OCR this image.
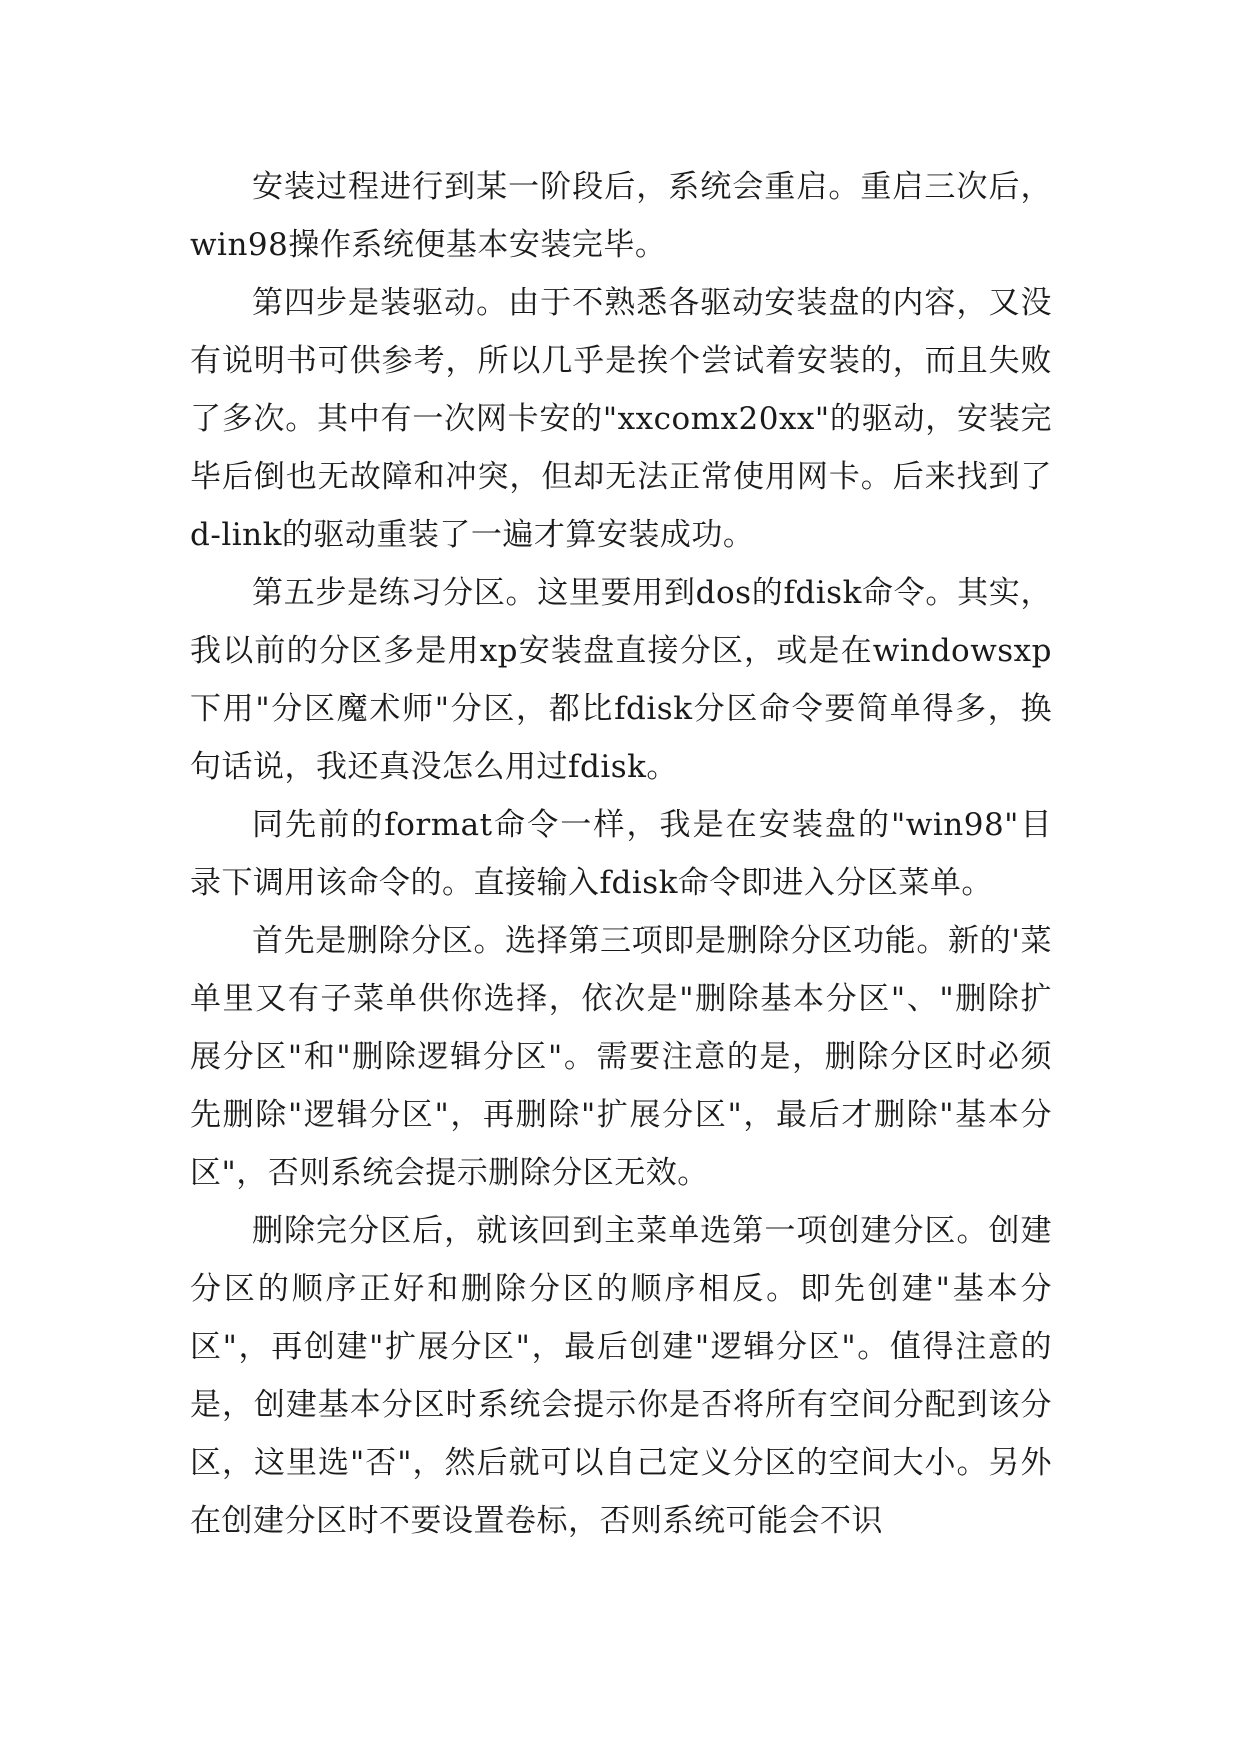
安装过程进行到某一阶段后，系统会重启。重启三次后，win98操作系统便基本安装完毕。

第四步是装驱动。由于不熟悉各驱动安装盘的内容，又没有说明书可供参考，所以几乎是挨个尝试着安装的，而且失败了多次。其中有一次网卡安的"xxcomx20xx"的驱动，安装完毕后倒也无故障和冲突，但却无法正常使用网卡。后来找到了d-link的驱动重装了一遍才算安装成功。

第五步是练习分区。这里要用到dos的fdisk命令。其实，我以前的分区多是用xp安装盘直接分区，或是在windowsxp下用"分区魔术师"分区，都比fdisk分区命令要简单得多，换句话说，我还真没怎么用过fdisk。

同先前的format命令一样，我是在安装盘的"win98"目录下调用该命令的。直接输入fdisk命令即进入分区菜单。

首先是删除分区。选择第三项即是删除分区功能。新的'菜单里又有子菜单供你选择，依次是"删除基本分区"、"删除扩展分区"和"删除逻辑分区"。需要注意的是，删除分区时必须先删除"逻辑分区"，再删除"扩展分区"，最后才删除"基本分区"，否则系统会提示删除分区无效。

删除完分区后，就该回到主菜单选第一项创建分区。创建分区的顺序正好和删除分区的顺序相反。即先创建"基本分区"，再创建"扩展分区"，最后创建"逻辑分区"。值得注意的是，创建基本分区时系统会提示你是否将所有空间分配到该分区，这里选"否"，然后就可以自己定义分区的空间大小。另外在创建分区时不要设置卷标，否则系统可能会不识
